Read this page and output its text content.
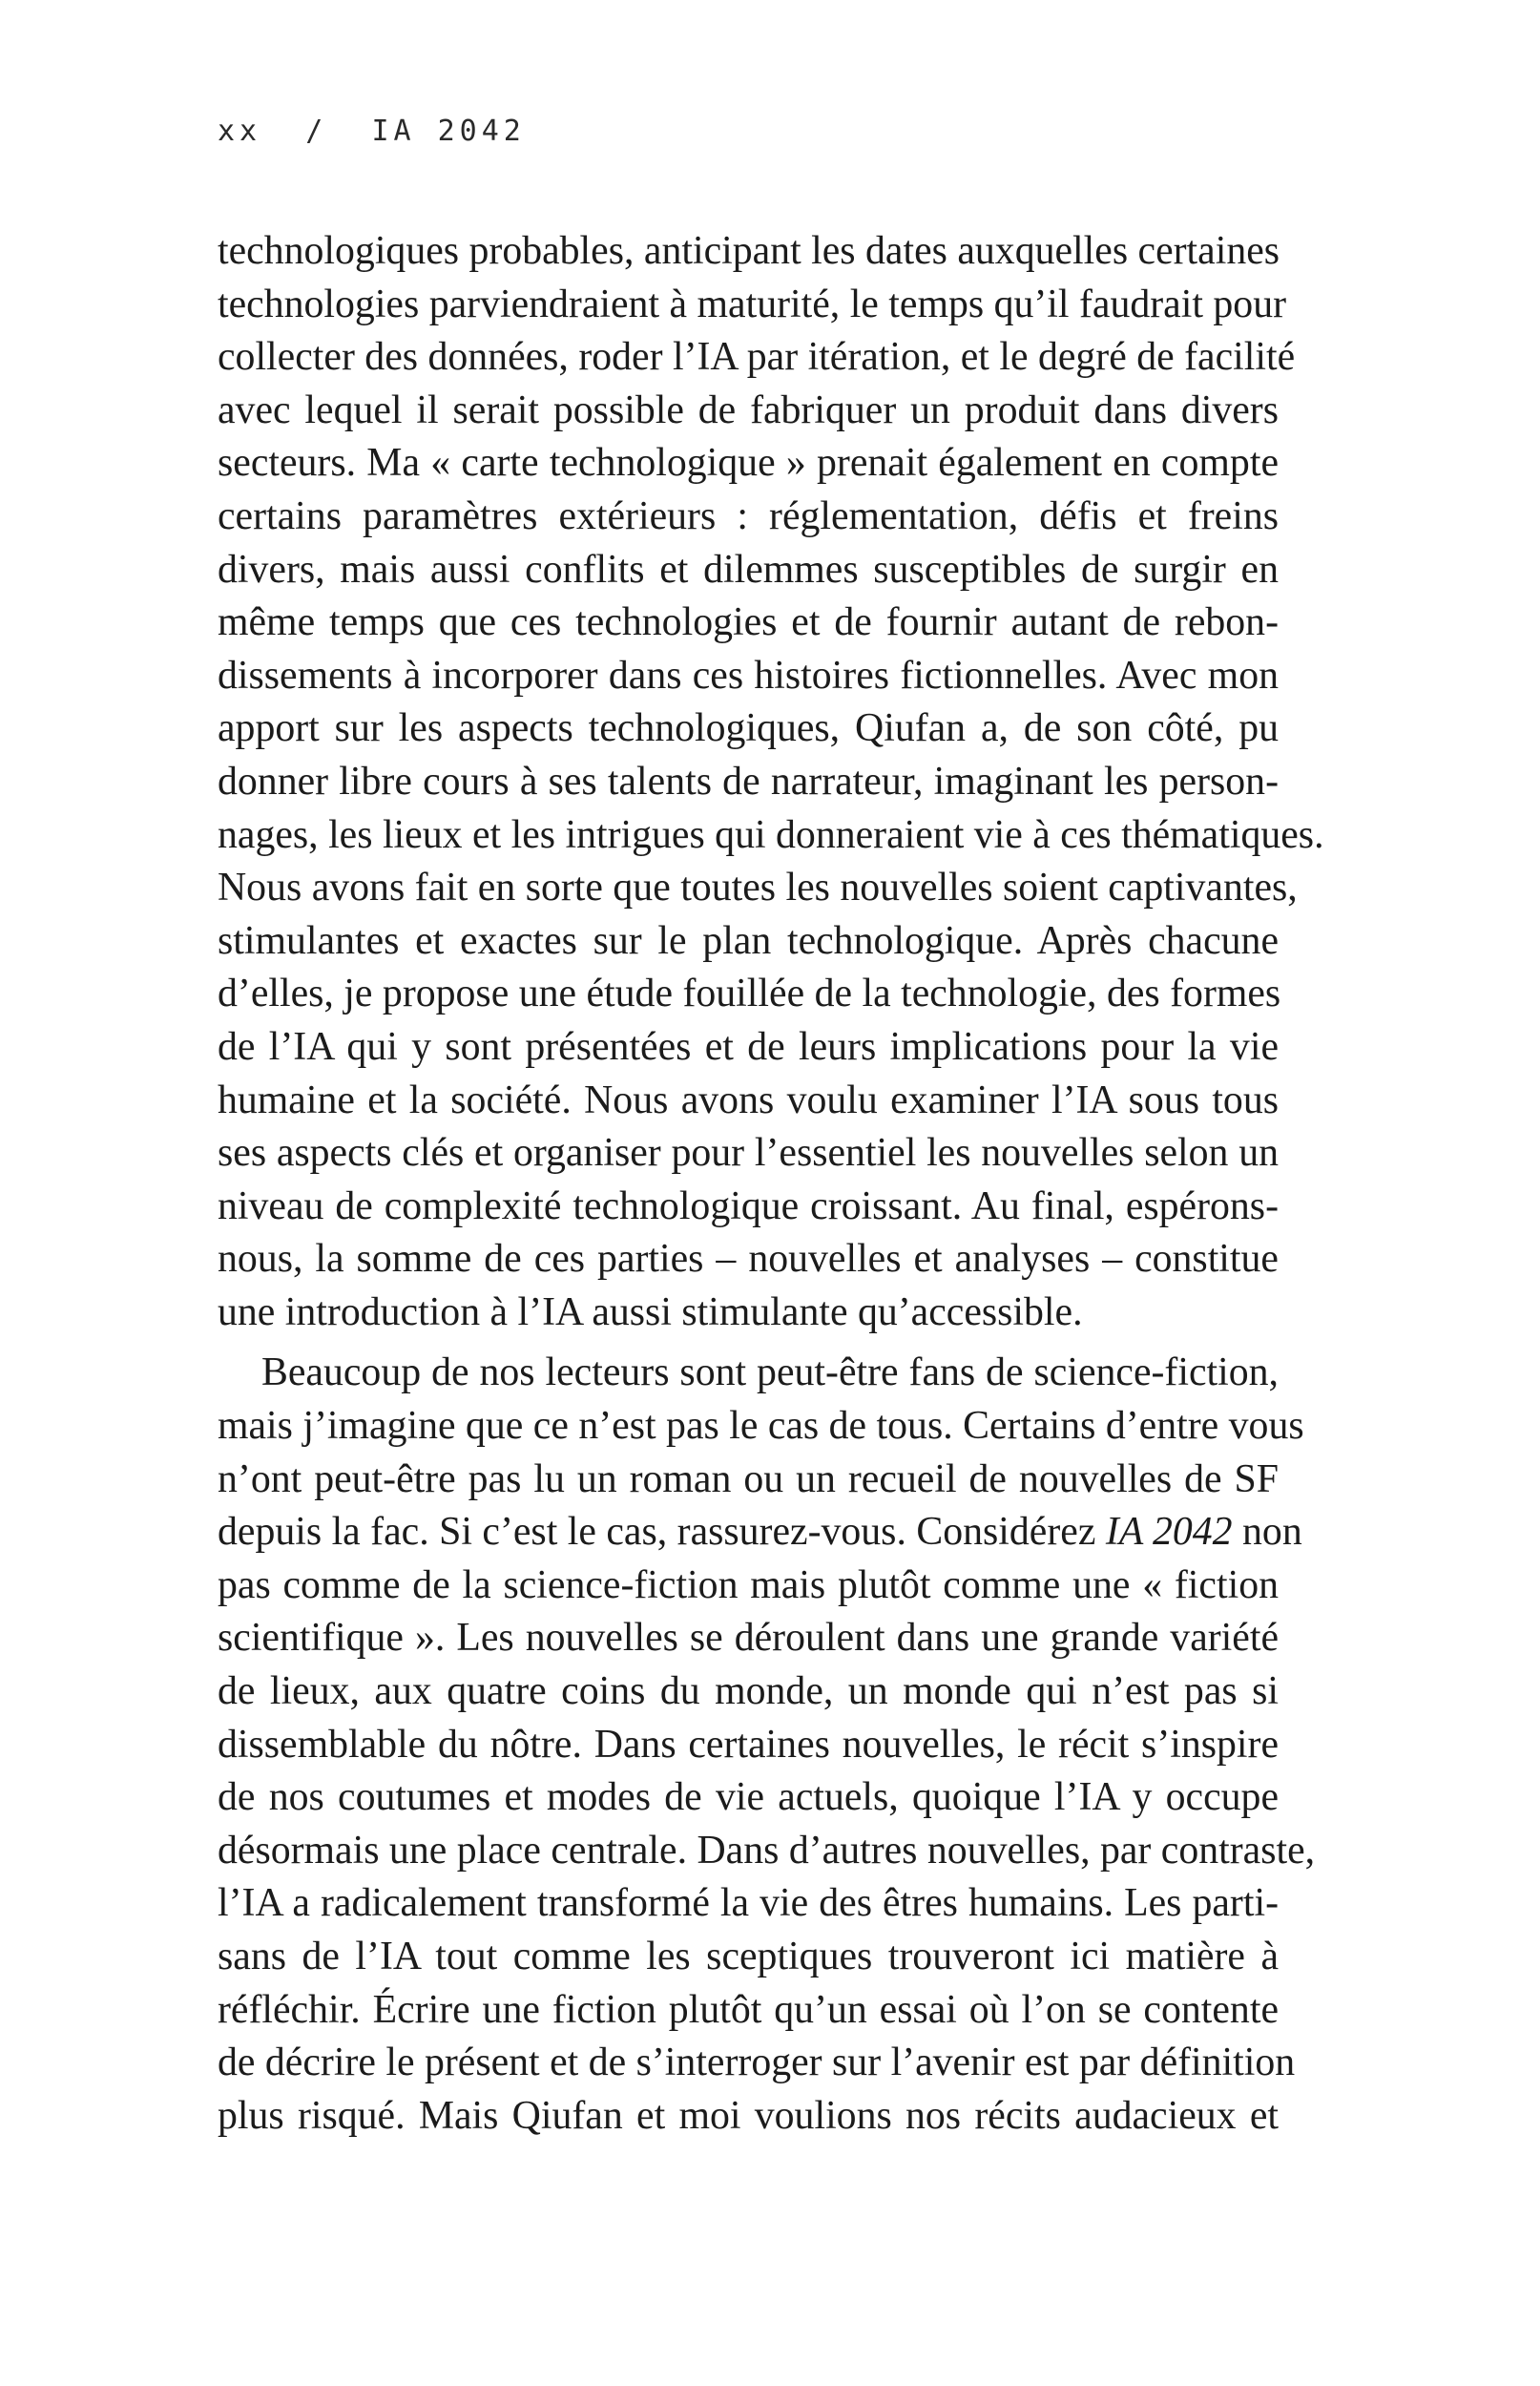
xx / IA 2042
technologiques probables, anticipant les dates auxquelles certaines
technologies parviendraient à maturité, le temps qu’il faudrait pour
collecter des données, roder l’IA par itération, et le degré de facilité
avec lequel il serait possible de fabriquer un produit dans divers
secteurs. Ma « carte technologique » prenait également en compte
certains paramètres extérieurs : réglementation, défis et freins
divers, mais aussi conflits et dilemmes susceptibles de surgir en
même temps que ces technologies et de fournir autant de rebon-
dissements à incorporer dans ces histoires fictionnelles. Avec mon
apport sur les aspects technologiques, Qiufan a, de son côté, pu
donner libre cours à ses talents de narrateur, imaginant les person-
nages, les lieux et les intrigues qui donneraient vie à ces thématiques.
Nous avons fait en sorte que toutes les nouvelles soient captivantes,
stimulantes et exactes sur le plan technologique. Après chacune
d’elles, je propose une étude fouillée de la technologie, des formes
de l’IA qui y sont présentées et de leurs implications pour la vie
humaine et la société. Nous avons voulu examiner l’IA sous tous
ses aspects clés et organiser pour l’essentiel les nouvelles selon un
niveau de complexité technologique croissant. Au final, espérons-
nous, la somme de ces parties – nouvelles et analyses – constitue
une introduction à l’IA aussi stimulante qu’accessible.
Beaucoup de nos lecteurs sont peut-être fans de science-fiction,
mais j’imagine que ce n’est pas le cas de tous. Certains d’entre vous
n’ont peut-être pas lu un roman ou un recueil de nouvelles de SF
depuis la fac. Si c’est le cas, rassurez-vous. Considérez IA 2042 non
pas comme de la science-fiction mais plutôt comme une « fiction
scientifique ». Les nouvelles se déroulent dans une grande variété
de lieux, aux quatre coins du monde, un monde qui n’est pas si
dissemblable du nôtre. Dans certaines nouvelles, le récit s’inspire
de nos coutumes et modes de vie actuels, quoique l’IA y occupe
désormais une place centrale. Dans d’autres nouvelles, par contraste,
l’IA a radicalement transformé la vie des êtres humains. Les parti-
sans de l’IA tout comme les sceptiques trouveront ici matière à
réfléchir. Écrire une fiction plutôt qu’un essai où l’on se contente
de décrire le présent et de s’interroger sur l’avenir est par définition
plus risqué. Mais Qiufan et moi voulions nos récits audacieux et
